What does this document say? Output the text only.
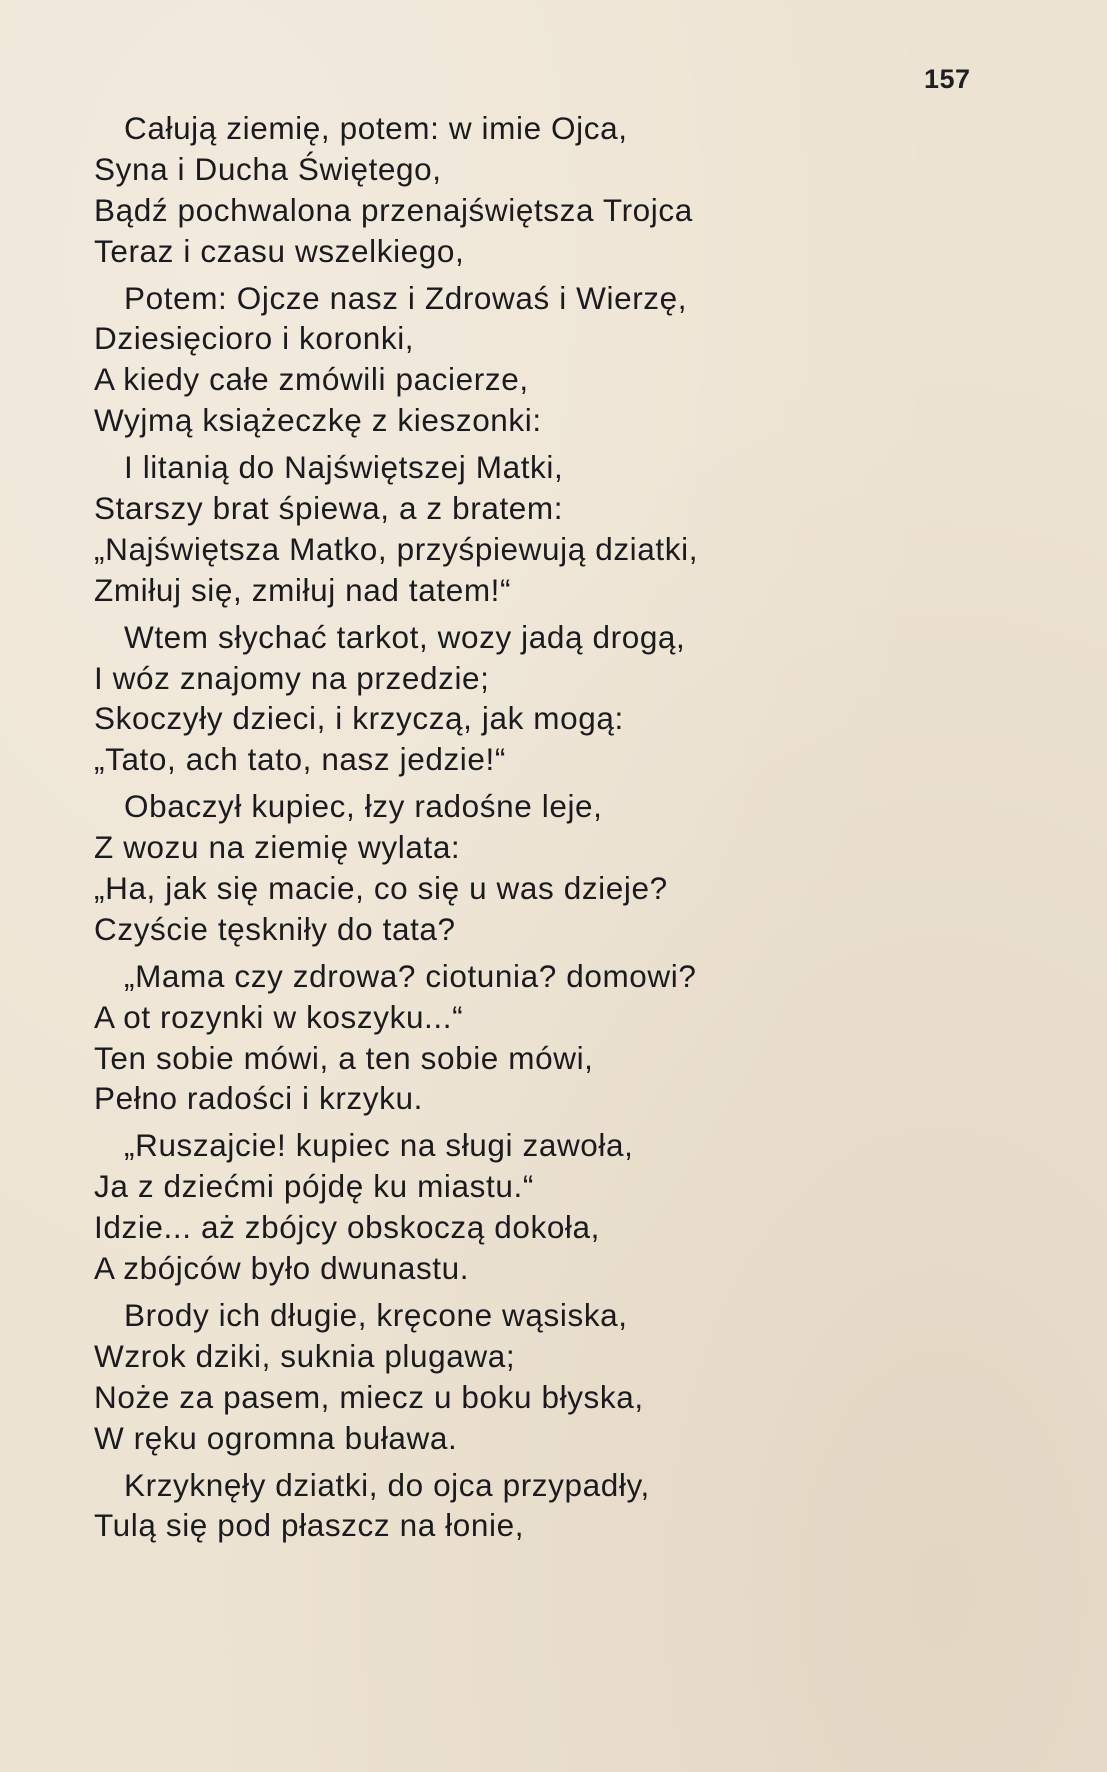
157
Całują ziemię, potem: w imie Ojca,
Syna i Ducha Świętego,
Bądź pochwalona przenajświętsza Trojca
Teraz i czasu wszelkiego,
Potem: Ojcze nasz i Zdrowaś i Wierzę,
Dziesięcioro i koronki,
A kiedy całe zmówili pacierze,
Wyjmą książeczkę z kieszonki:
I litanią do Najświętszej Matki,
Starszy brat śpiewa, a z bratem:
„Najświętsza Matko, przyśpiewują dziatki,
Zmiłuj się, zmiłuj nad tatem!“
Wtem słychać tarkot, wozy jadą drogą,
I wóz znajomy na przedzie;
Skoczyły dzieci, i krzyczą, jak mogą:
„Tato, ach tato, nasz jedzie!“
Obaczył kupiec, łzy radośne leje,
Z wozu na ziemię wylata:
„Ha, jak się macie, co się u was dzieje?
Czyście tęskniły do tata?
„Mama czy zdrowa? ciotunia? domowi?
A ot rozynki w koszyku...“
Ten sobie mówi, a ten sobie mówi,
Pełno radości i krzyku.
„Ruszajcie! kupiec na sługi zawoła,
Ja z dziećmi pójdę ku miastu.“
Idzie... aż zbójcy obskoczą dokoła,
A zbójców było dwunastu.
Brody ich długie, kręcone wąsiska,
Wzrok dziki, suknia plugawa;
Noże za pasem, miecz u boku błyska,
W ręku ogromna buława.
Krzyknęły dziatki, do ojca przypadły,
Tulą się pod płaszcz na łonie,
